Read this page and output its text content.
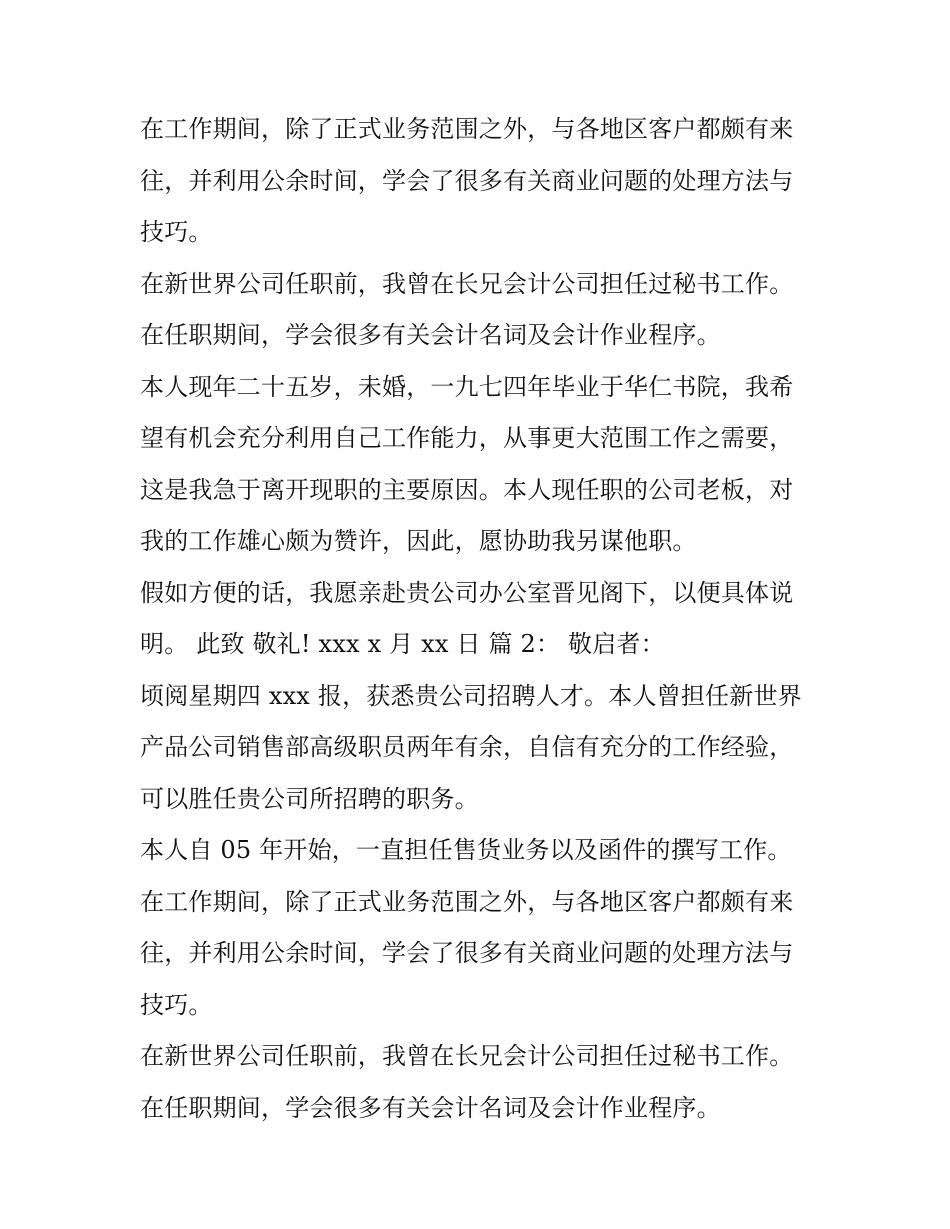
在工作期间，除了正式业务范围之外，与各地区客户都颇有来
往，并利用公余时间，学会了很多有关商业问题的处理方法与
技巧。
在新世界公司任职前，我曾在长兄会计公司担任过秘书工作。
在任职期间，学会很多有关会计名词及会计作业程序。
本人现年二十五岁，未婚，一九七四年毕业于华仁书院，我希
望有机会充分利用自己工作能力，从事更大范围工作之需要，
这是我急于离开现职的主要原因。本人现任职的公司老板，对
我的工作雄心颇为赞许，因此，愿协助我另谋他职。
假如方便的话，我愿亲赴贵公司办公室晋见阁下，以便具体说
明。 此致 敬礼! xxx x 月 xx 日 篇 2： 敬启者：
顷阅星期四 xxx 报，获悉贵公司招聘人才。本人曾担任新世界
产品公司销售部高级职员两年有余，自信有充分的工作经验，
可以胜任贵公司所招聘的职务。
本人自 05 年开始，一直担任售货业务以及函件的撰写工作。
在工作期间，除了正式业务范围之外，与各地区客户都颇有来
往，并利用公余时间，学会了很多有关商业问题的处理方法与
技巧。
在新世界公司任职前，我曾在长兄会计公司担任过秘书工作。
在任职期间，学会很多有关会计名词及会计作业程序。
